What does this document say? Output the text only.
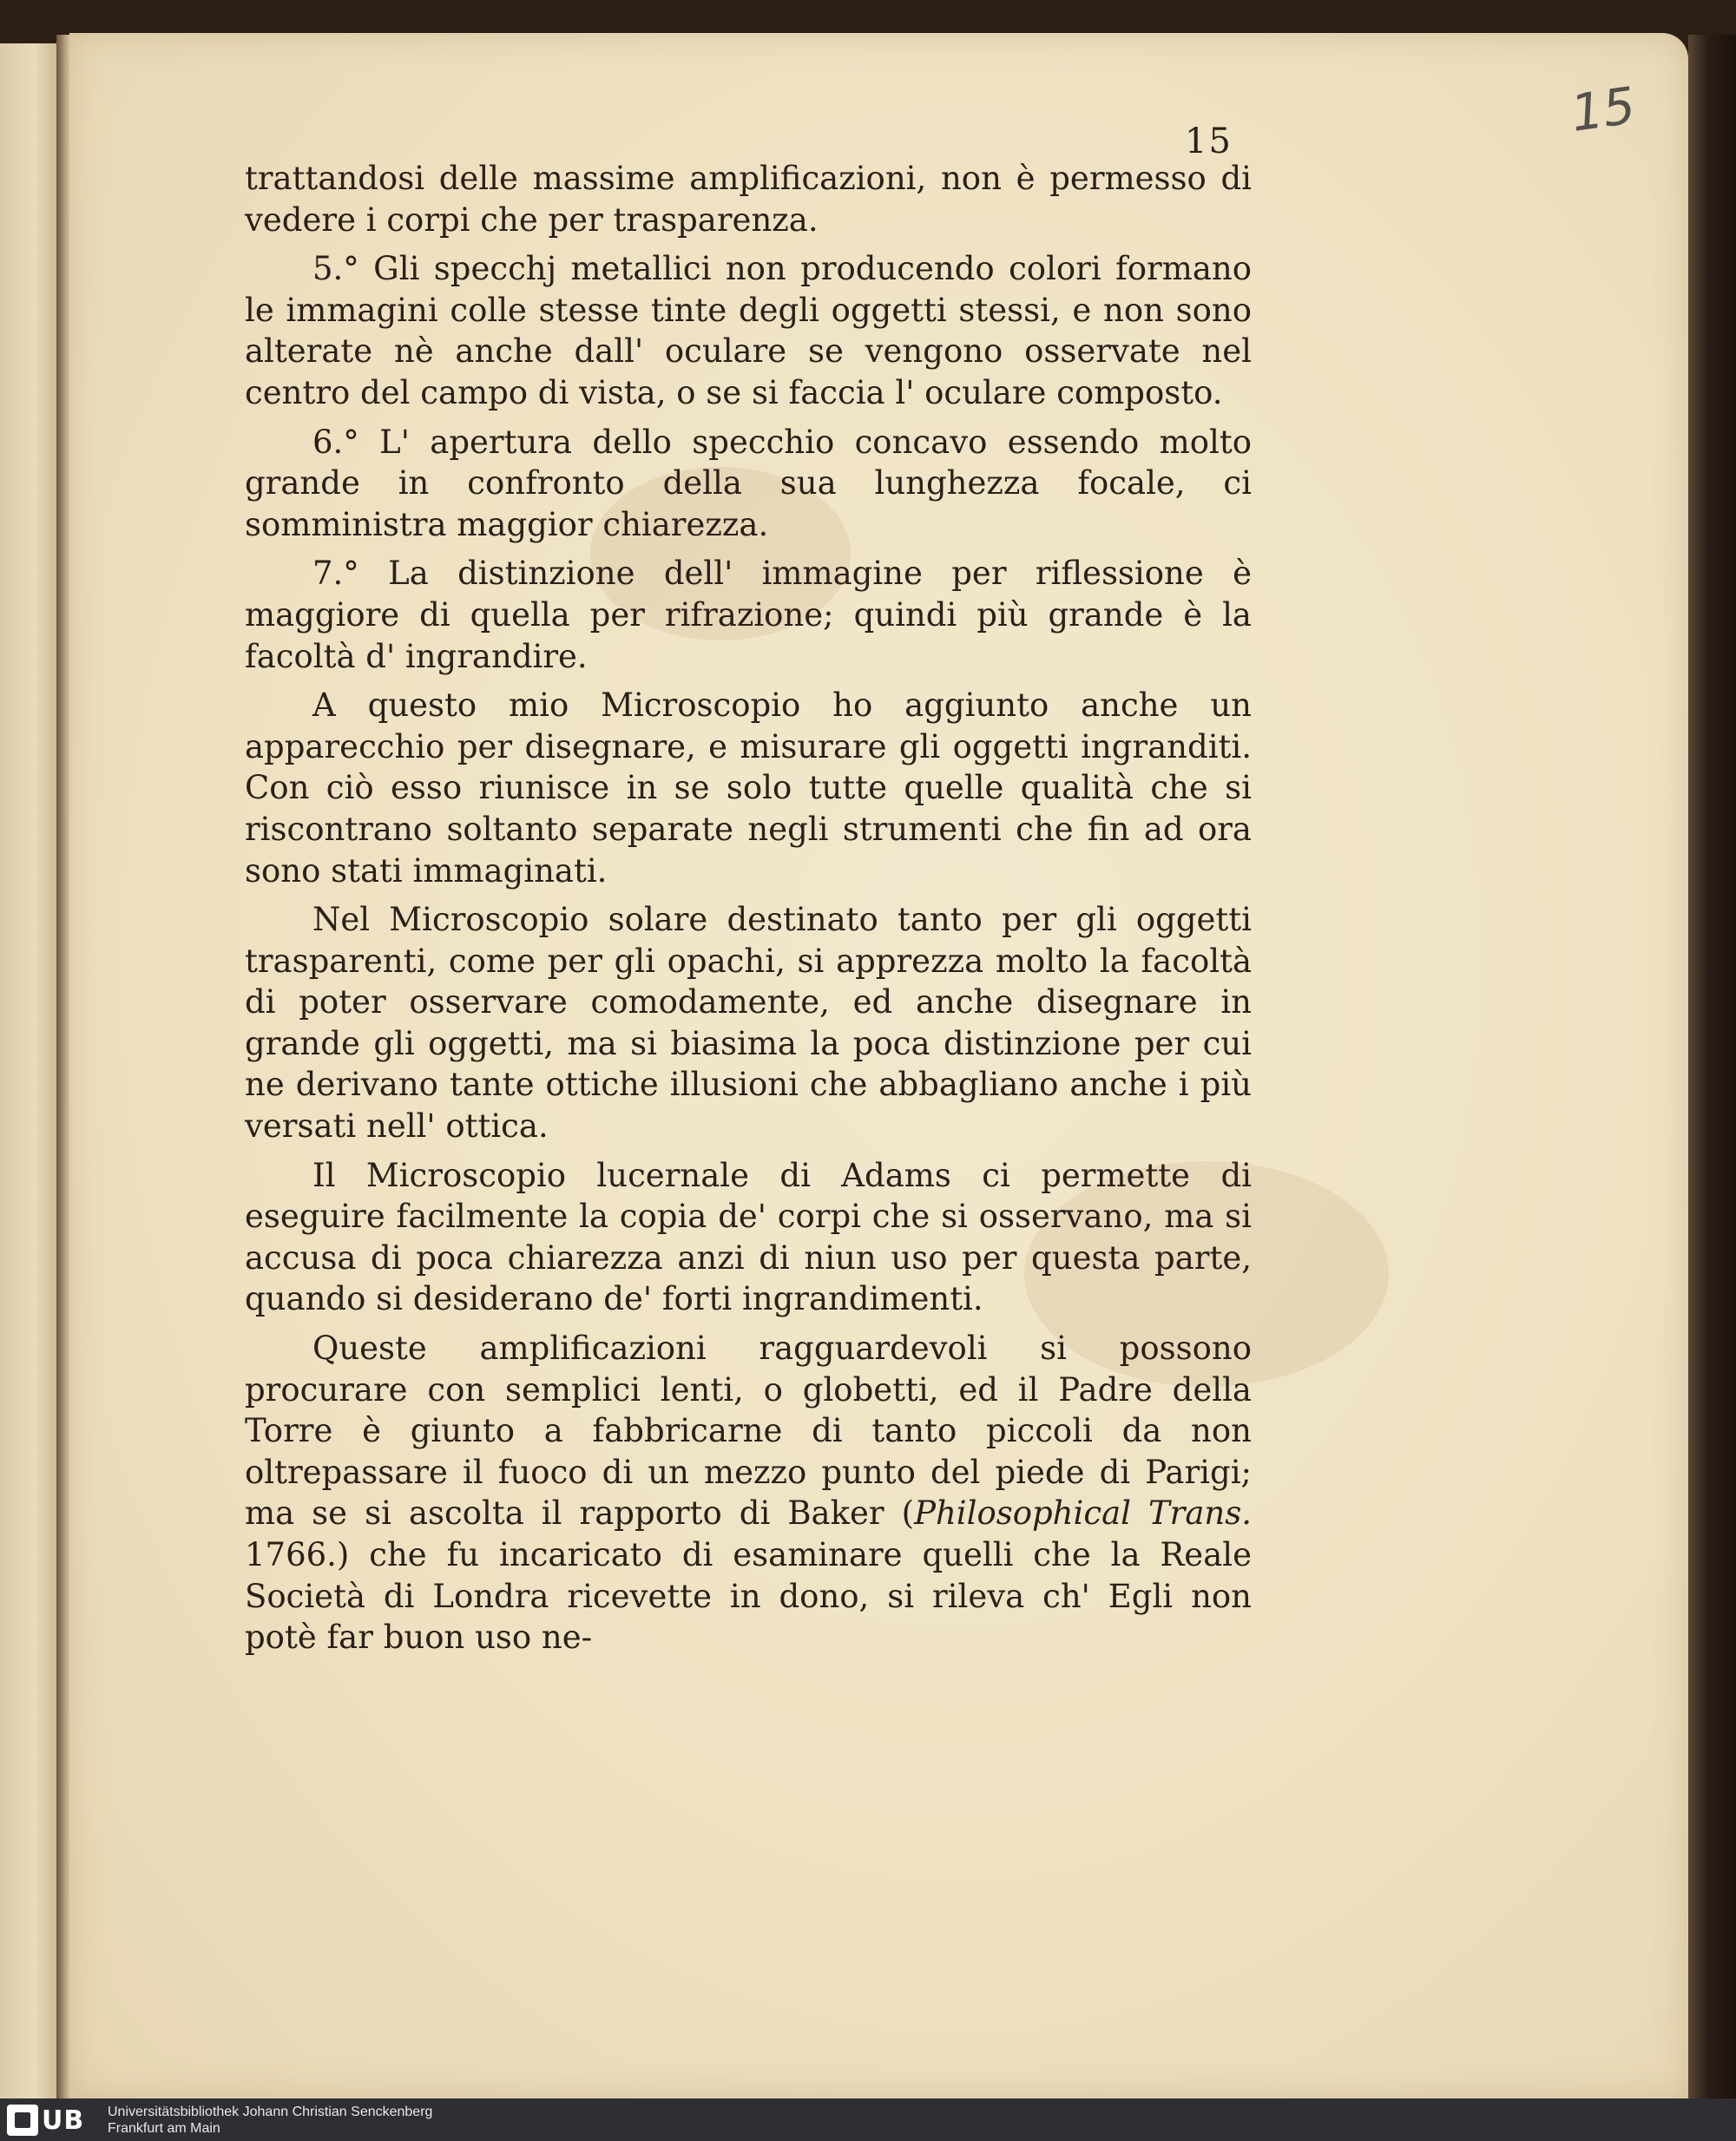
15	15

trattandosi delle massime amplificazioni, non è permesso di vedere i corpi che per trasparenza.

5.° Gli specchj metallici non producendo colori formano le immagini colle stesse tinte degli oggetti stessi, e non sono alterate nè anche dall' oculare se vengono osservate nel centro del campo di vista, o se si faccia l' oculare composto.

6.° L' apertura dello specchio concavo essendo molto grande in confronto della sua lunghezza focale, ci somministra maggior chiarezza.

7.° La distinzione dell' immagine per riflessione è maggiore di quella per rifrazione; quindi più grande è la facoltà d' ingrandire.

A questo mio Microscopio ho aggiunto anche un apparecchio per disegnare, e misurare gli oggetti ingranditi. Con ciò esso riunisce in se solo tutte quelle qualità che si riscontrano soltanto separate negli strumenti che fin ad ora sono stati immaginati.

Nel Microscopio solare destinato tanto per gli oggetti trasparenti, come per gli opachi, si apprezza molto la facoltà di poter osservare comodamente, ed anche disegnare in grande gli oggetti, ma si biasima la poca distinzione per cui ne derivano tante ottiche illusioni che abbagliano anche i più versati nell' ottica.

Il Microscopio lucernale di Adams ci permette di eseguire facilmente la copia de' corpi che si osservano, ma si accusa di poca chiarezza anzi di niun uso per questa parte, quando si desiderano de' forti ingrandimenti.

Queste amplificazioni ragguardevoli si possono procurare con semplici lenti, o globetti, ed il Padre della Torre è giunto a fabbricarne di tanto piccoli da non oltrepassare il fuoco di un mezzo punto del piede di Parigi; ma se si ascolta il rapporto di Baker (Philosophical Trans. 1766.) che fu incaricato di esaminare quelli che la Reale Società di Londra ricevette in dono, si rileva ch' Egli non potè far buon uso ne-

UB Universitätsbibliothek Johann Christian Senckenberg
Frankfurt am Main
